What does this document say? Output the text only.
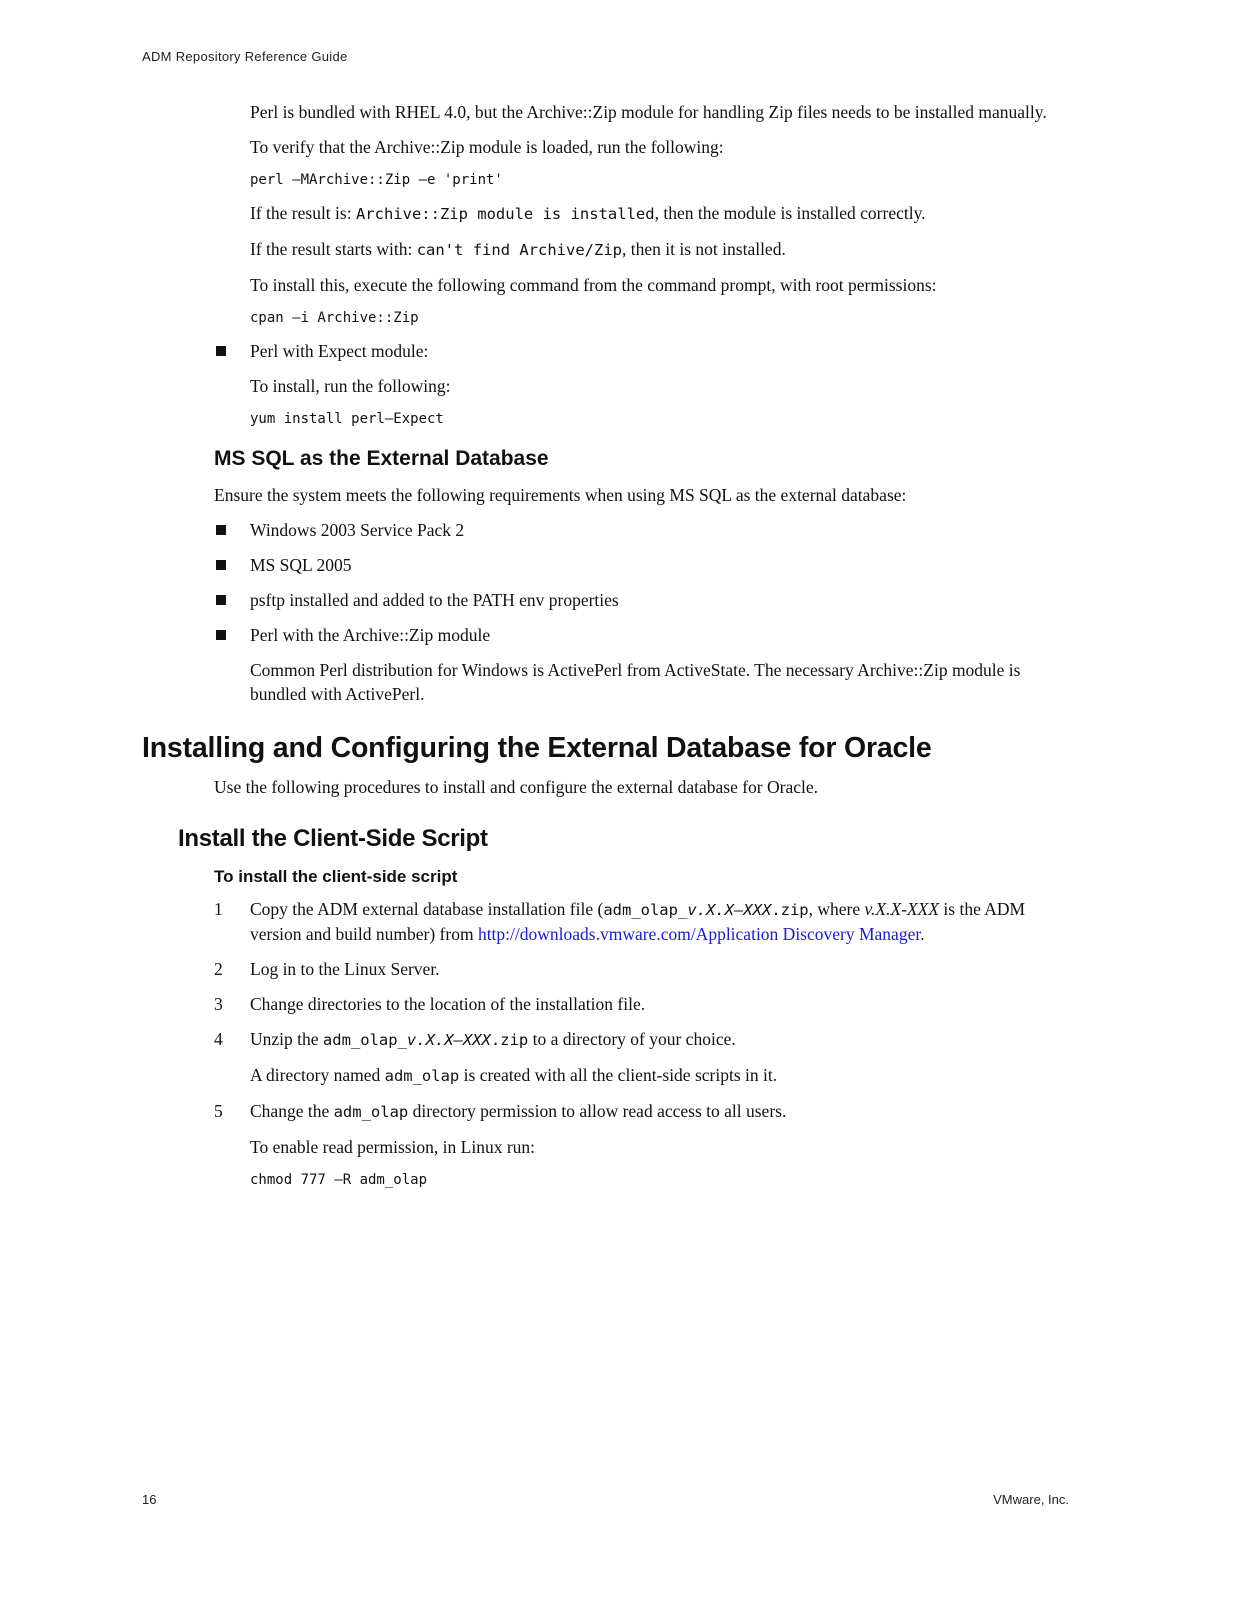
ADM Repository Reference Guide

Perl is bundled with RHEL 4.0, but the Archive::Zip module for handling Zip files needs to be installed manually.

To verify that the Archive::Zip module is loaded, run the following:

perl –MArchive::Zip –e 'print'

If the result is: Archive::Zip module is installed, then the module is installed correctly.

If the result starts with: can't find Archive/Zip, then it is not installed.

To install this, execute the following command from the command prompt, with root permissions:

cpan –i Archive::Zip
Perl with Expect module:

To install, run the following:

yum install perl–Expect
MS SQL as the External Database

Ensure the system meets the following requirements when using MS SQL as the external database:

Windows 2003 Service Pack 2
MS SQL 2005
psftp installed and added to the PATH env properties
Perl with the Archive::Zip module

Common Perl distribution for Windows is ActivePerl from ActiveState. The necessary Archive::Zip module is bundled with ActivePerl.

Installing and Configuring the External Database for Oracle

Use the following procedures to install and configure the external database for Oracle.

Install the Client-Side Script
To install the client-side script
1 Copy the ADM external database installation file (adm_olap_v.X.X–XXX.zip, where v.X.X-XXX is the ADM version and build number) from http://downloads.vmware.com/Application Discovery Manager.
2 Log in to the Linux Server.
3 Change directories to the location of the installation file.
4 Unzip the adm_olap_v.X.X–XXX.zip to a directory of your choice.

A directory named adm_olap is created with all the client-side scripts in it.

5 Change the adm_olap directory permission to allow read access to all users.

To enable read permission, in Linux run:

chmod 777 –R adm_olap
16	VMware, Inc.
